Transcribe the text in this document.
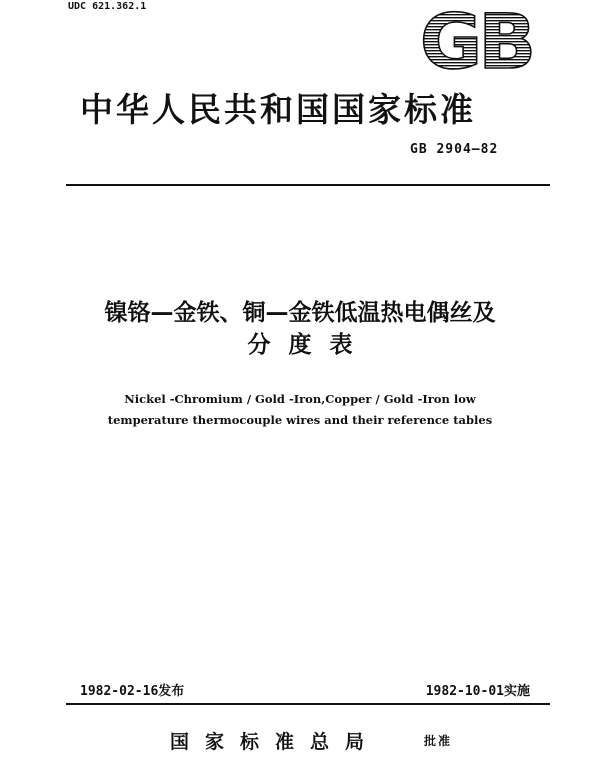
UDC 621.362.1	GB
中华人民共和国国家标准
GB 2904—82
镍铬—金铁、铜—金铁低温热电偶丝及
分度表
Nickel -Chromium / Gold -Iron,Copper / Gold -Iron low
temperature thermocouple wires and their reference tables
1982-02-16发布	1982-10-01实施
国家标准总局	批准
